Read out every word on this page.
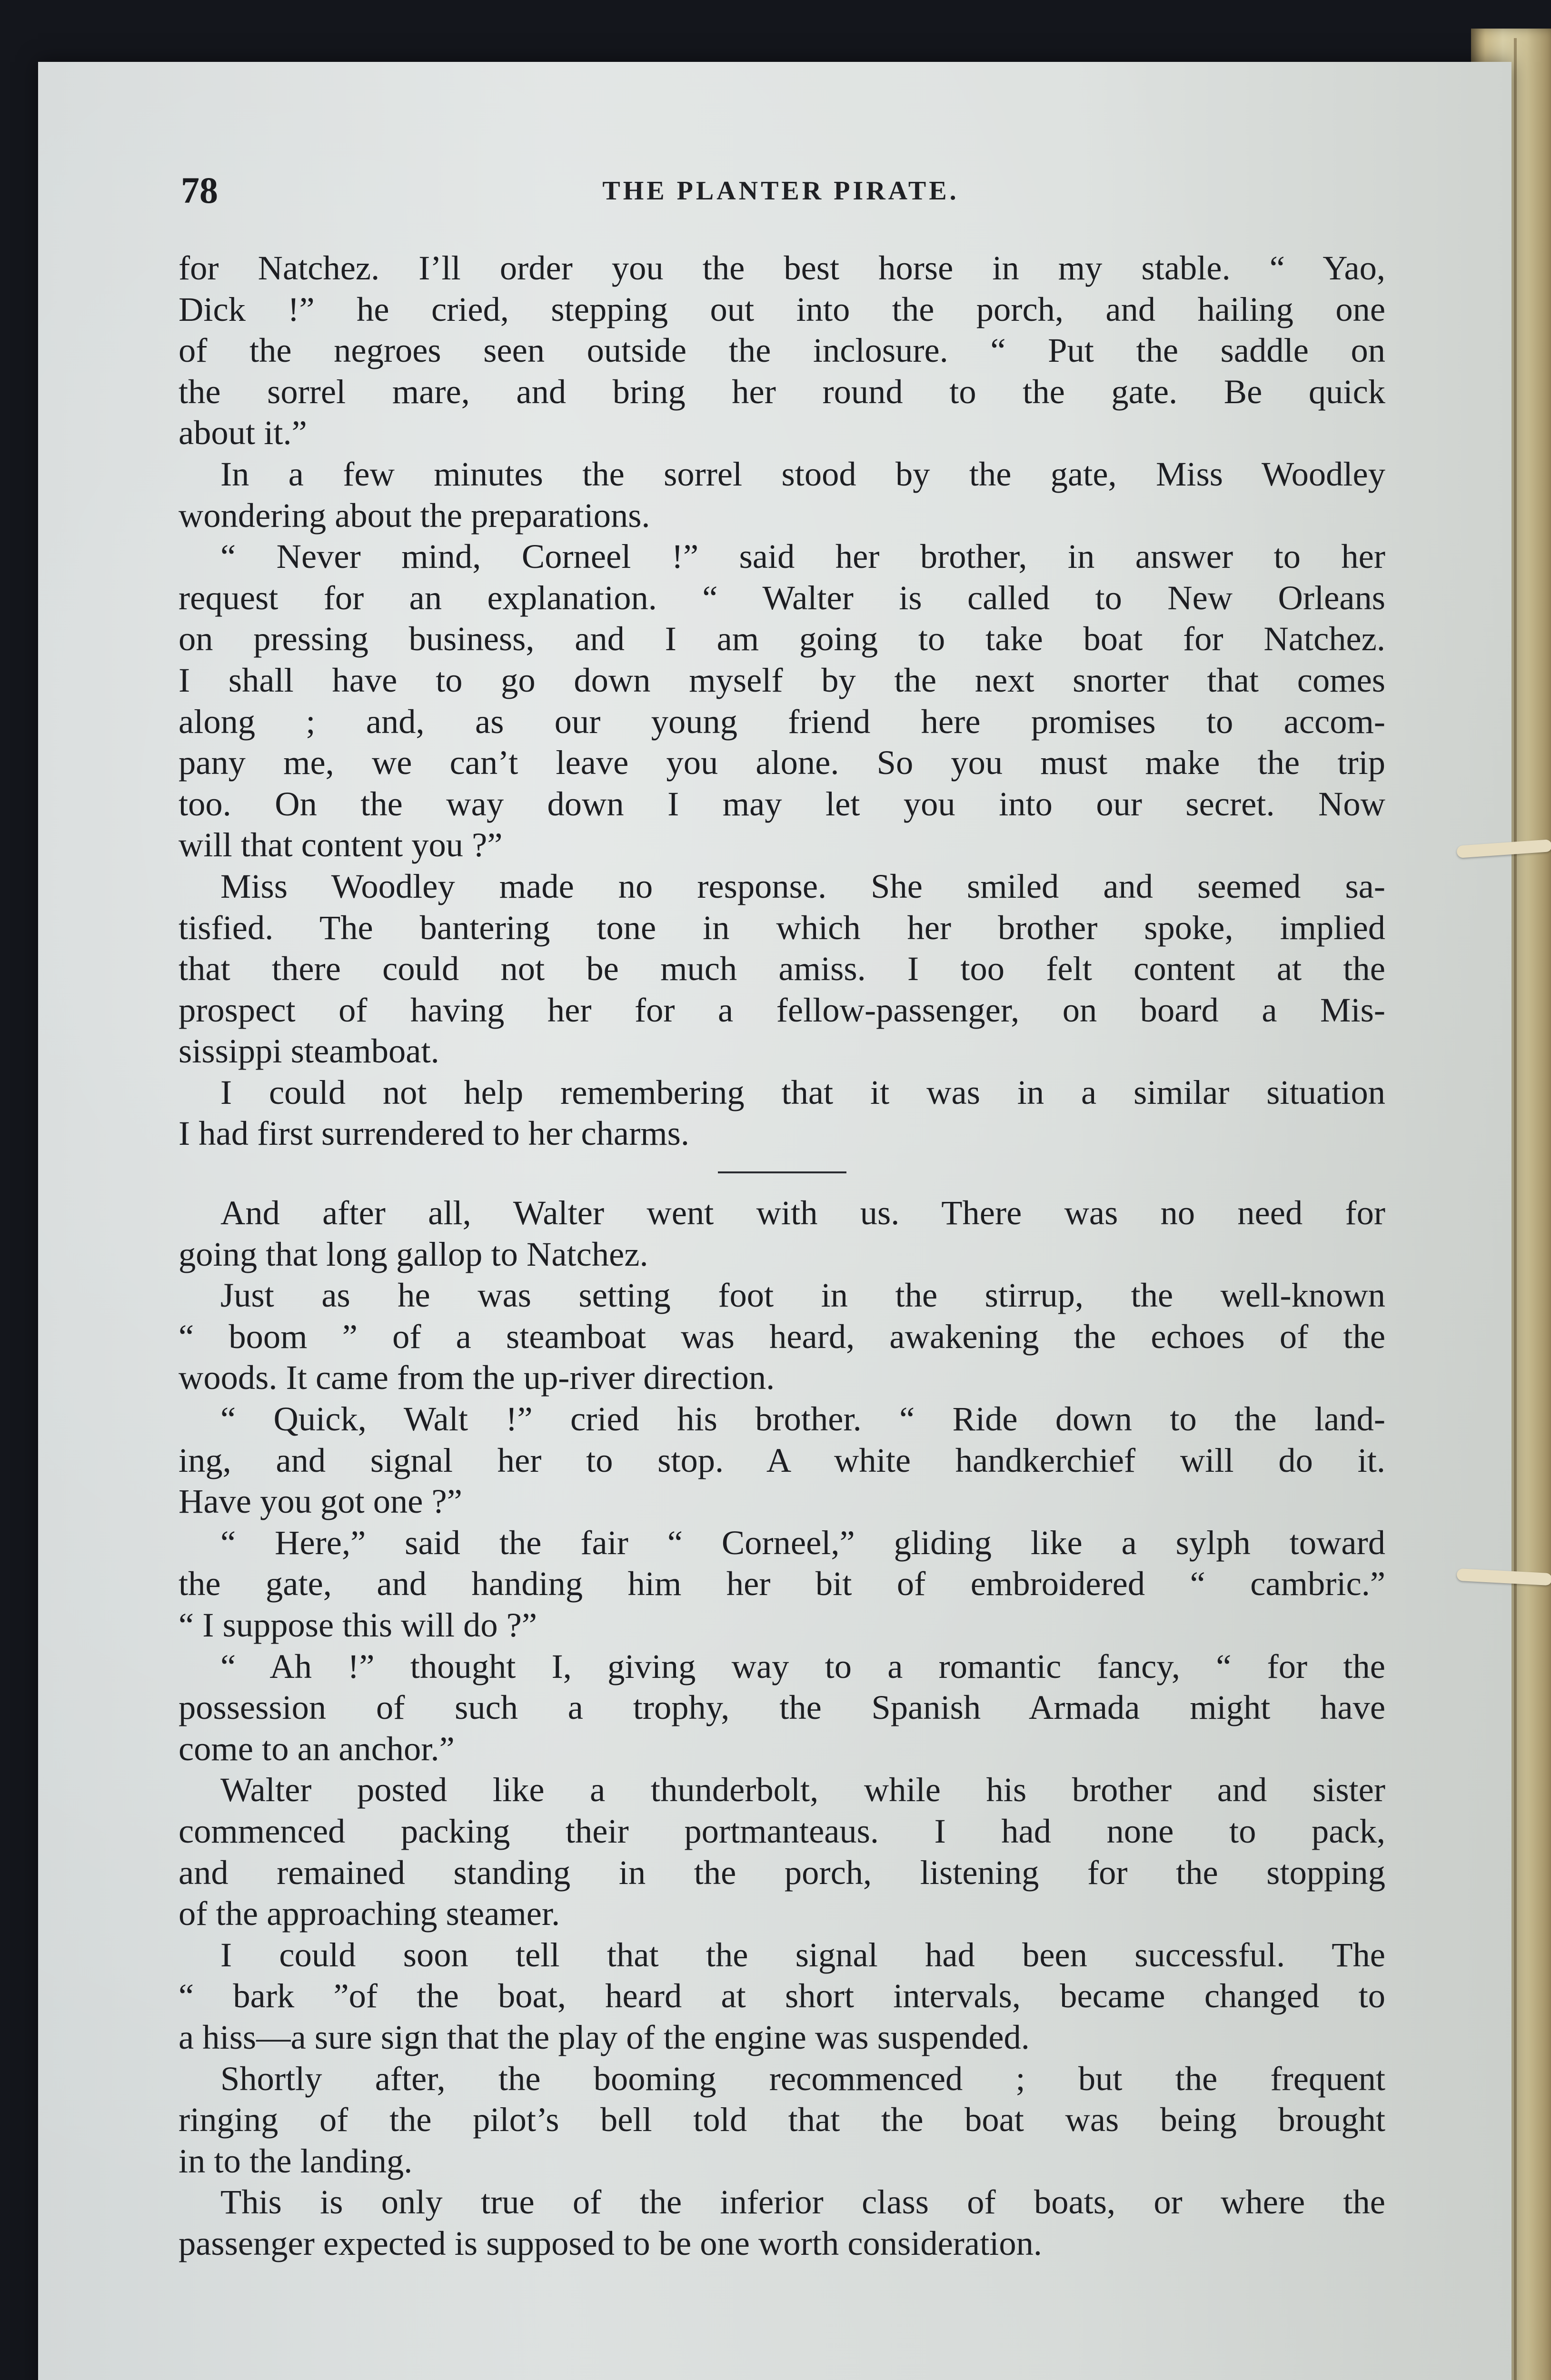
78	THE PLANTER PIRATE.

for Natchez. I’ll order you the best horse in my stable. “ Yao,
Dick !” he cried, stepping out into the porch, and hailing one
of the negroes seen outside the inclosure. “ Put the saddle on
the sorrel mare, and bring her round to the gate. Be quick
about it.”

In a few minutes the sorrel stood by the gate, Miss Woodley
wondering about the preparations.

“ Never mind, Corneel !” said her brother, in answer to her
request for an explanation. “ Walter is called to New Orleans
on pressing business, and I am going to take boat for Natchez.
I shall have to go down myself by the next snorter that comes
along ; and, as our young friend here promises to accom-
pany me, we can’t leave you alone. So you must make the trip
too. On the way down I may let you into our secret. Now
will that content you ?”

Miss Woodley made no response. She smiled and seemed sa-
tisfied. The bantering tone in which her brother spoke, implied
that there could not be much amiss. I too felt content at the
prospect of having her for a fellow-passenger, on board a Mis-
sissippi steamboat.

I could not help remembering that it was in a similar situation
I had first surrendered to her charms.

And after all, Walter went with us. There was no need for
going that long gallop to Natchez.

Just as he was setting foot in the stirrup, the well-known
“ boom ” of a steamboat was heard, awakening the echoes of the
woods. It came from the up-river direction.

“ Quick, Walt !” cried his brother. “ Ride down to the land-
ing, and signal her to stop. A white handkerchief will do it.
Have you got one ?”

“ Here,” said the fair “ Corneel,” gliding like a sylph toward
the gate, and handing him her bit of embroidered “ cambric.”
“ I suppose this will do ?”

“ Ah !” thought I, giving way to a romantic fancy, “ for the
possession of such a trophy, the Spanish Armada might have
come to an anchor.”

Walter posted like a thunderbolt, while his brother and sister
commenced packing their portmanteaus. I had none to pack,
and remained standing in the porch, listening for the stopping
of the approaching steamer.

I could soon tell that the signal had been successful. The
“ bark ”of the boat, heard at short intervals, became changed to
a hiss—a sure sign that the play of the engine was suspended.

Shortly after, the booming recommenced ; but the frequent
ringing of the pilot’s bell told that the boat was being brought
in to the landing.

This is only true of the inferior class of boats, or where the
passenger expected is supposed to be one worth consideration.
